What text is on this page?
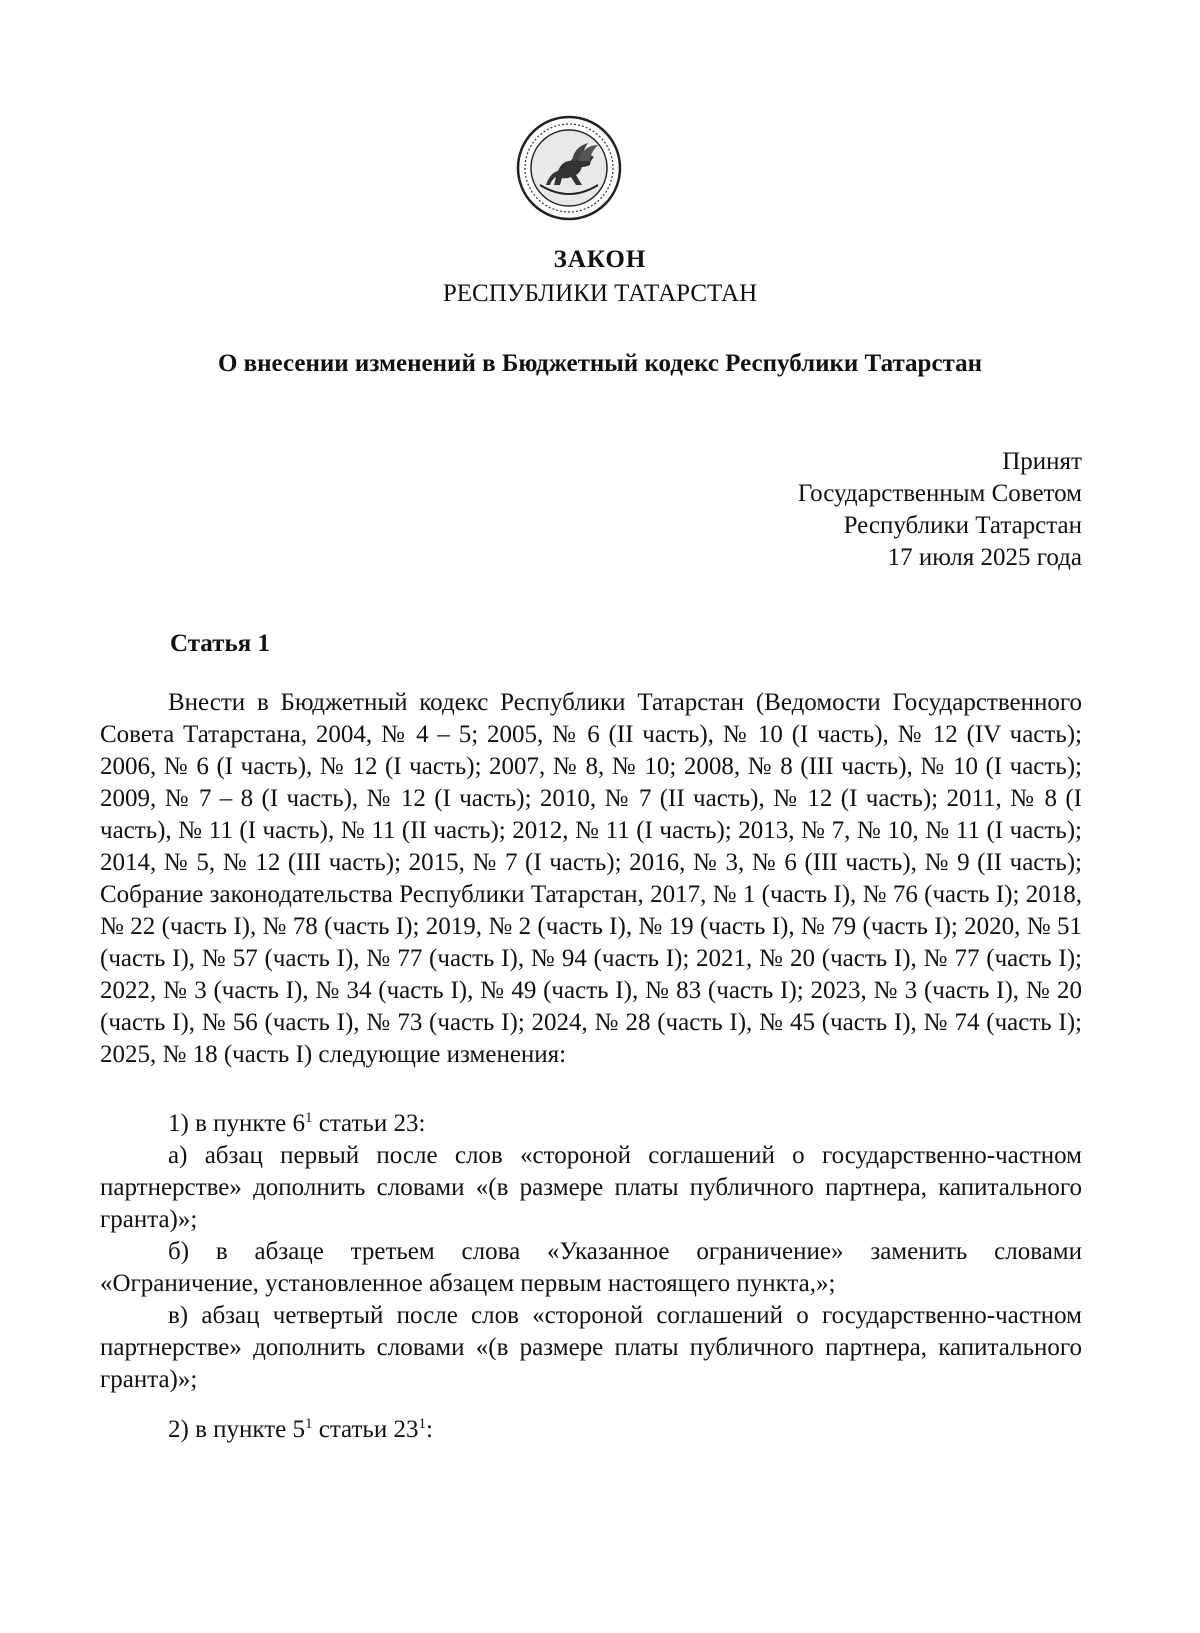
ЗАКОН
РЕСПУБЛИКИ ТАТАРСТАН
О внесении изменений в Бюджетный кодекс Республики Татарстан
Принят
Государственным Советом
Республики Татарстан
17 июля 2025 года
Статья 1

Внести в Бюджетный кодекс Республики Татарстан (Ведомости Государственного Совета Татарстана, 2004, № 4 – 5; 2005, № 6 (II часть), № 10 (I часть), № 12 (IV часть); 2006, № 6 (I часть), № 12 (I часть); 2007, № 8, № 10; 2008, № 8 (III часть), № 10 (I часть); 2009, № 7 – 8 (I часть), № 12 (I часть); 2010, № 7 (II часть), № 12 (I часть); 2011, № 8 (I часть), № 11 (I часть), № 11 (II часть); 2012, № 11 (I часть); 2013, № 7, № 10, № 11 (I часть); 2014, № 5, № 12 (III часть); 2015, № 7 (I часть); 2016, № 3, № 6 (III часть), № 9 (II часть); Собрание законодательства Республики Татарстан, 2017, № 1 (часть I), № 76 (часть I); 2018, № 22 (часть I), № 78 (часть I); 2019, № 2 (часть I), № 19 (часть I), № 79 (часть I); 2020, № 51 (часть I), № 57 (часть I), № 77 (часть I), № 94 (часть I); 2021, № 20 (часть I), № 77 (часть I); 2022, № 3 (часть I), № 34 (часть I), № 49 (часть I), № 83 (часть I); 2023, № 3 (часть I), № 20 (часть I), № 56 (часть I), № 73 (часть I); 2024, № 28 (часть I), № 45 (часть I), № 74 (часть I); 2025, № 18 (часть I) следующие изменения:

1) в пункте $6^1$ статьи 23:

а) абзац первый после слов «стороной соглашений о государственно-частном партнерстве» дополнить словами «(в размере платы публичного партнера, капитального гранта)»;

б) в абзаце третьем слова «Указанное ограничение» заменить словами «Ограничение, установленное абзацем первым настоящего пункта,»;

в) абзац четвертый после слов «стороной соглашений о государственно-частном партнерстве» дополнить словами «(в размере платы публичного партнера, капитального гранта)»;

2) в пункте $5^1$ статьи $23^1$:
